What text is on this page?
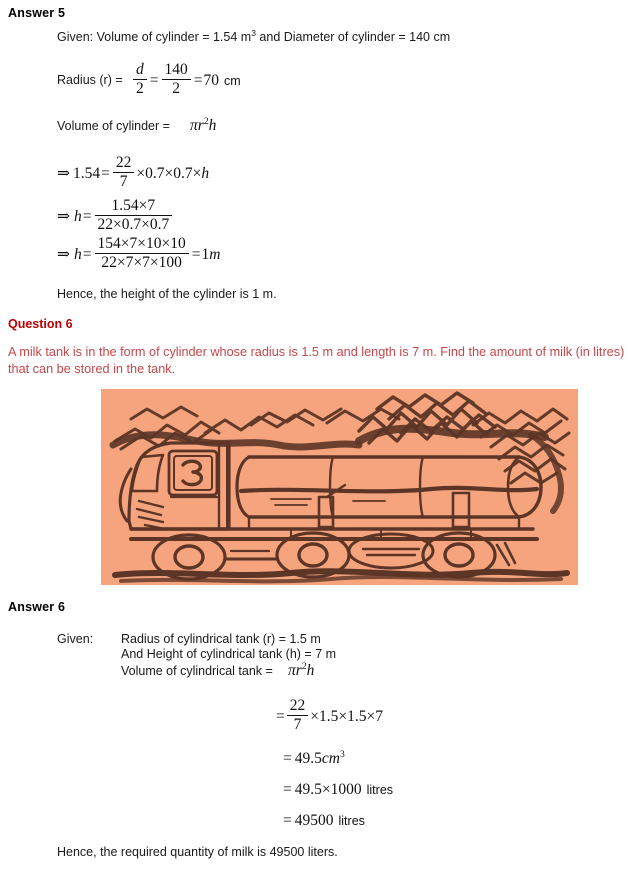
Answer 5
Given: Volume of cylinder = 1.54 $m^3$ and Diameter of cylinder = 140 cm
Radius $(r) = \frac{d}{2} = \frac{140}{2} =70$ cm
Volume of cylinder = $\pi r^2h$
⇒ $1.54= \frac{22}{7} \times 0.7\times 0.7\times h$
⇒ $h= \frac{1.54\times 7}{22\times 0.7\times 0.7}$
⇒ $h= \frac{154\times 7\times 10\times 10}{22\times 7\times 7\times 100} =1m$
Hence, the height of the cylinder is 1 m.
Question 6
A milk tank is in the form of cylinder whose radius is 1.5 m and length is 7 m. Find the amount of milk (in litres) that can be stored in the tank.
Answer 6
Given: Radius of cylindrical tank (r) = 1.5 m
And Height of cylindrical tank (h) = 7 m
Volume of cylindrical $\tan k = \pi r^2h$
= $\frac{22}{7} \times 1.5\times 1.5\times 7$
= $49.5cm^3$
= 49.5×1000 litres
= 49500 litres
Hence, the required quantity of milk is 49500 liters.
